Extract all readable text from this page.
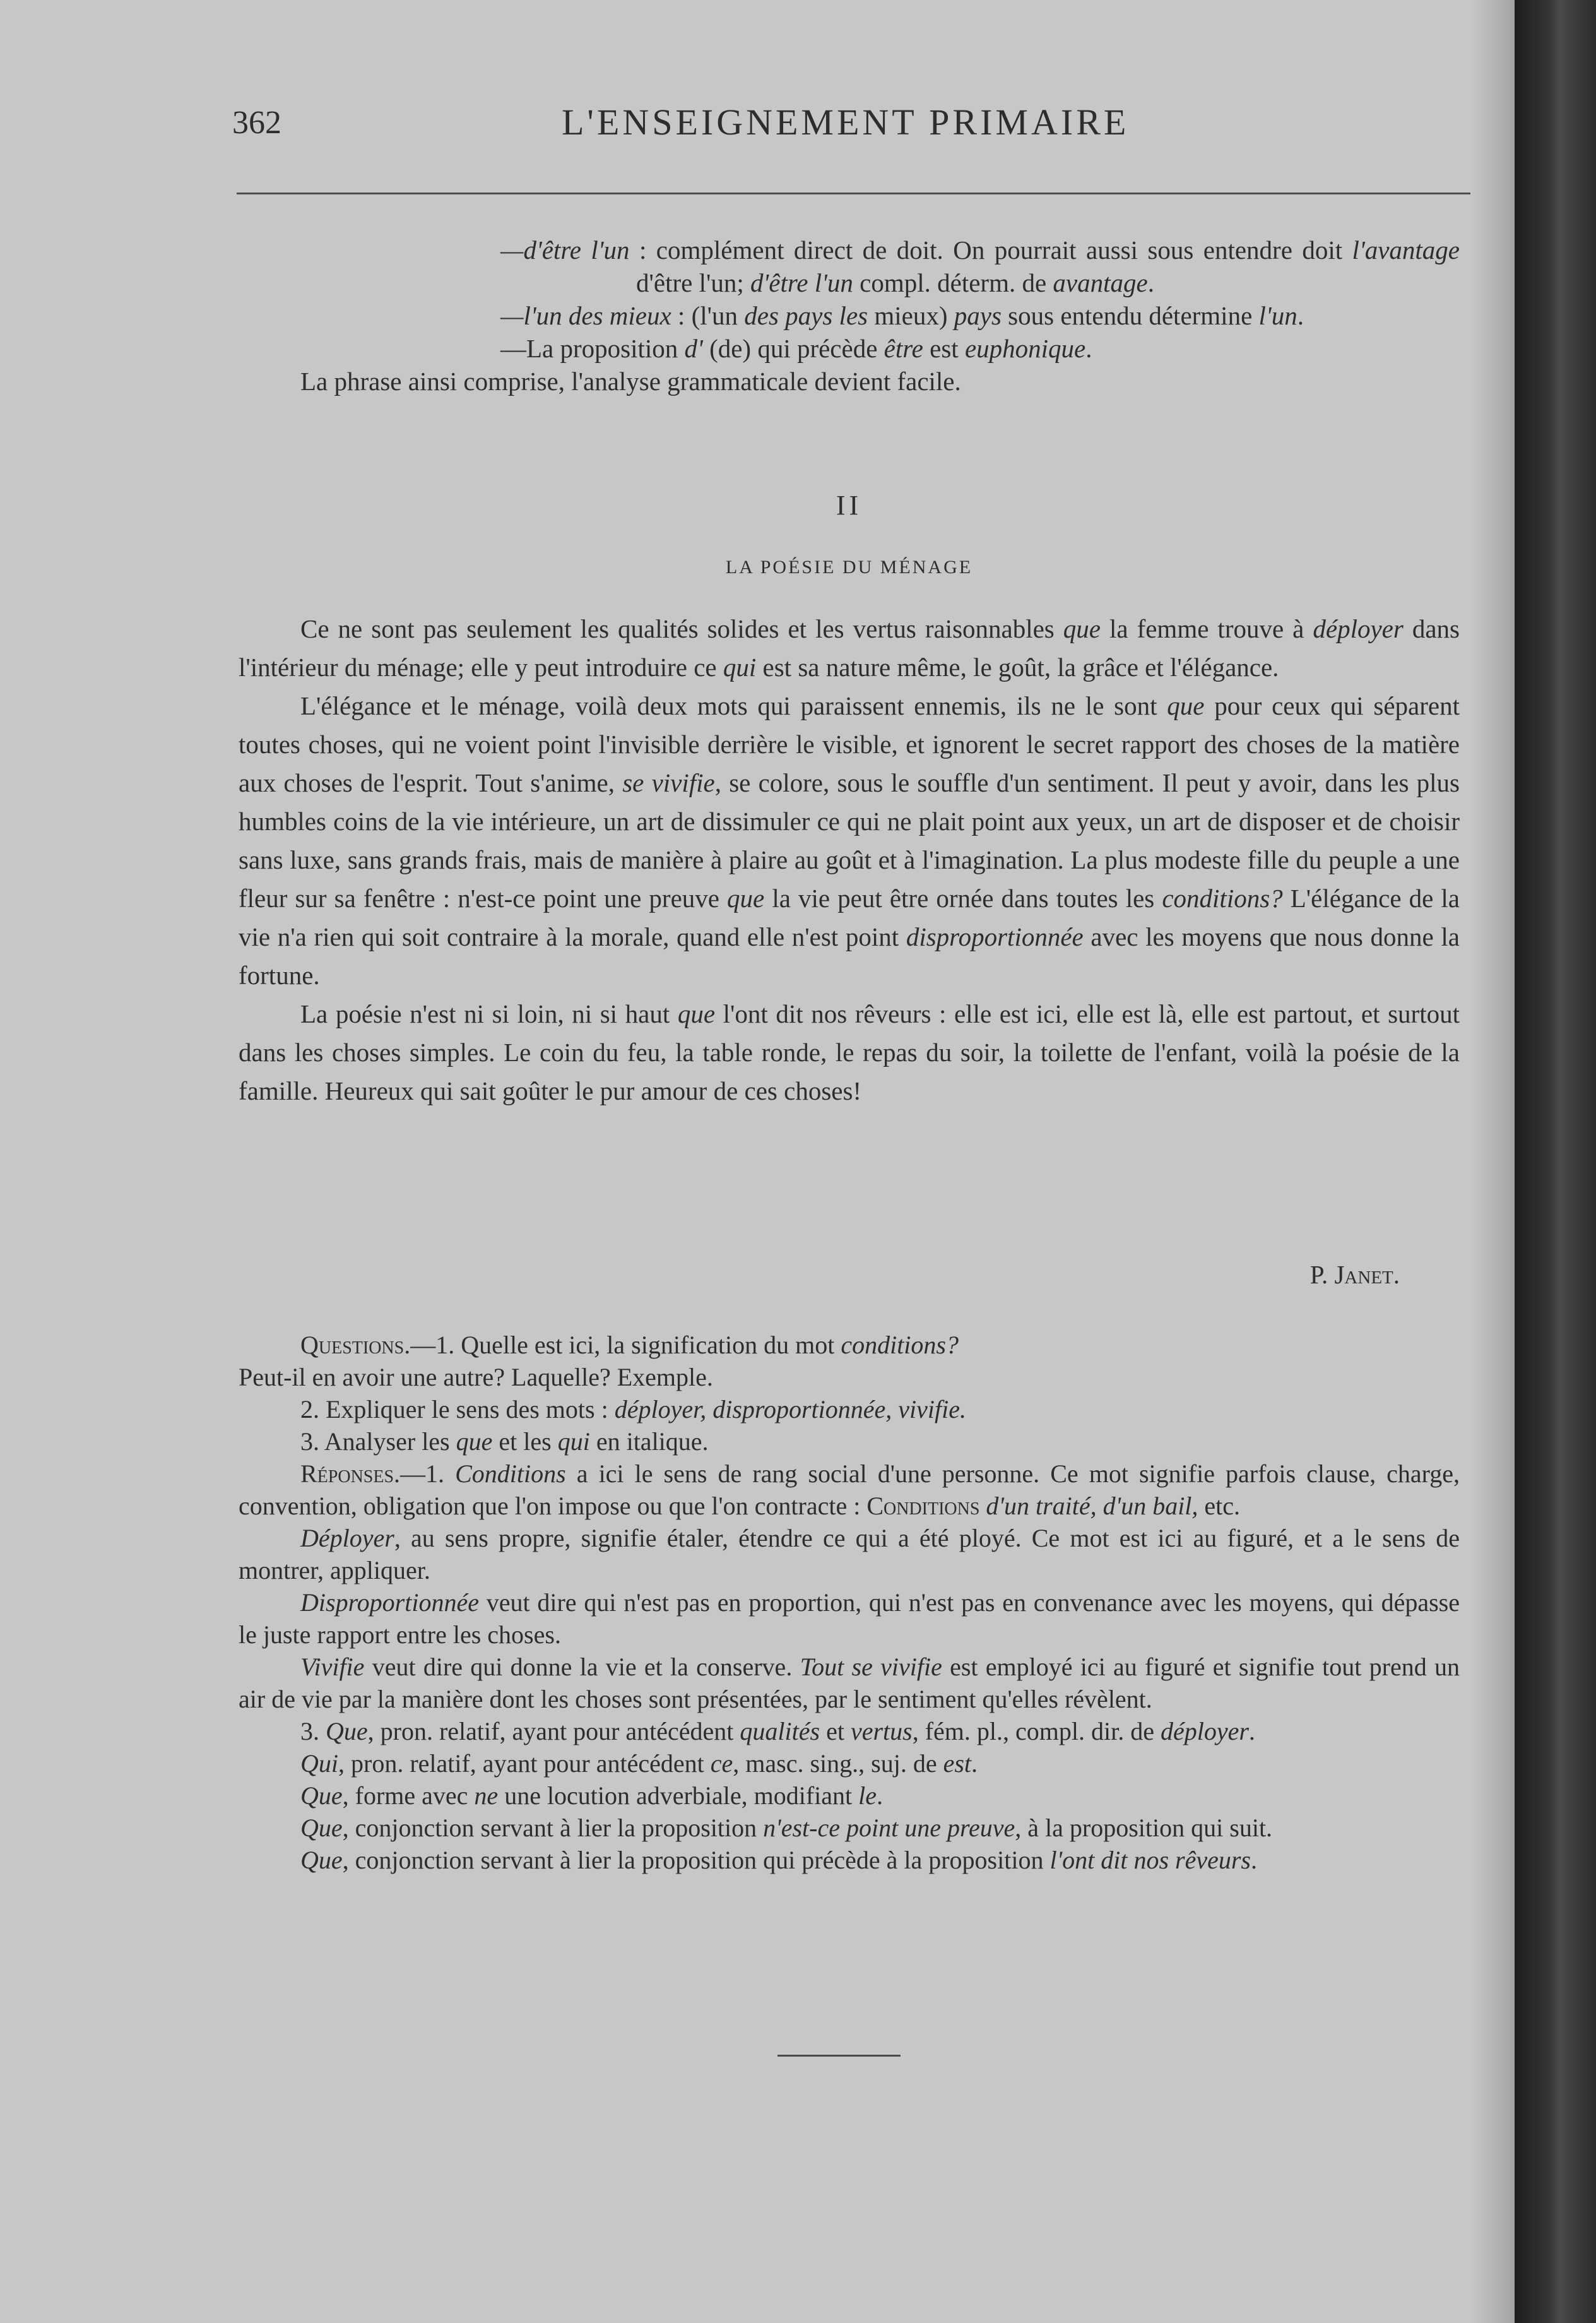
362	L'ENSEIGNEMENT PRIMAIRE

—d'être l'un : complément direct de doit. On pourrait aussi sous entendre doit l'avantage d'être l'un; d'être l'un compl. déterm. de avantage.

—l'un des mieux : (l'un des pays les mieux) pays sous entendu détermine l'un.

—La proposition d' (de) qui précède être est euphonique.

La phrase ainsi comprise, l'analyse grammaticale devient facile.

II
LA POÉSIE DU MÉNAGE

Ce ne sont pas seulement les qualités solides et les vertus raisonnables que la femme trouve à déployer dans l'intérieur du ménage; elle y peut introduire ce qui est sa nature même, le goût, la grâce et l'élégance.

L'élégance et le ménage, voilà deux mots qui paraissent ennemis, ils ne le sont que pour ceux qui séparent toutes choses, qui ne voient point l'invisible derrière le visible, et ignorent le secret rapport des choses de la matière aux choses de l'esprit. Tout s'anime, se vivifie, se colore, sous le souffle d'un sentiment. Il peut y avoir, dans les plus humbles coins de la vie intérieure, un art de dissimuler ce qui ne plait point aux yeux, un art de disposer et de choisir sans luxe, sans grands frais, mais de manière à plaire au goût et à l'imagination. La plus modeste fille du peuple a une fleur sur sa fenêtre : n'est-ce point une preuve que la vie peut être ornée dans toutes les conditions? L'élégance de la vie n'a rien qui soit contraire à la morale, quand elle n'est point disproportionnée avec les moyens que nous donne la fortune.

La poésie n'est ni si loin, ni si haut que l'ont dit nos rêveurs : elle est ici, elle est là, elle est partout, et surtout dans les choses simples. Le coin du feu, la table ronde, le repas du soir, la toilette de l'enfant, voilà la poésie de la famille. Heureux qui sait goûter le pur amour de ces choses!

P. Janet.

Questions.—1. Quelle est ici, la signification du mot conditions?

Peut-il en avoir une autre? Laquelle? Exemple.

2. Expliquer le sens des mots : déployer, disproportionnée, vivifie.

3. Analyser les que et les qui en italique.

Réponses.—1. Conditions a ici le sens de rang social d'une personne. Ce mot signifie parfois clause, charge, convention, obligation que l'on impose ou que l'on contracte : Conditions d'un traité, d'un bail, etc.

Déployer, au sens propre, signifie étaler, étendre ce qui a été ployé. Ce mot est ici au figuré, et a le sens de montrer, appliquer.

Disproportionnée veut dire qui n'est pas en proportion, qui n'est pas en convenance avec les moyens, qui dépasse le juste rapport entre les choses.

Vivifie veut dire qui donne la vie et la conserve. Tout se vivifie est employé ici au figuré et signifie tout prend un air de vie par la manière dont les choses sont présentées, par le sentiment qu'elles révèlent.

3. Que, pron. relatif, ayant pour antécédent qualités et vertus, fém. pl., compl. dir. de déployer.

Qui, pron. relatif, ayant pour antécédent ce, masc. sing., suj. de est.

Que, forme avec ne une locution adverbiale, modifiant le.

Que, conjonction servant à lier la proposition n'est-ce point une preuve, à la proposition qui suit.

Que, conjonction servant à lier la proposition qui précède à la proposition l'ont dit nos rêveurs.
